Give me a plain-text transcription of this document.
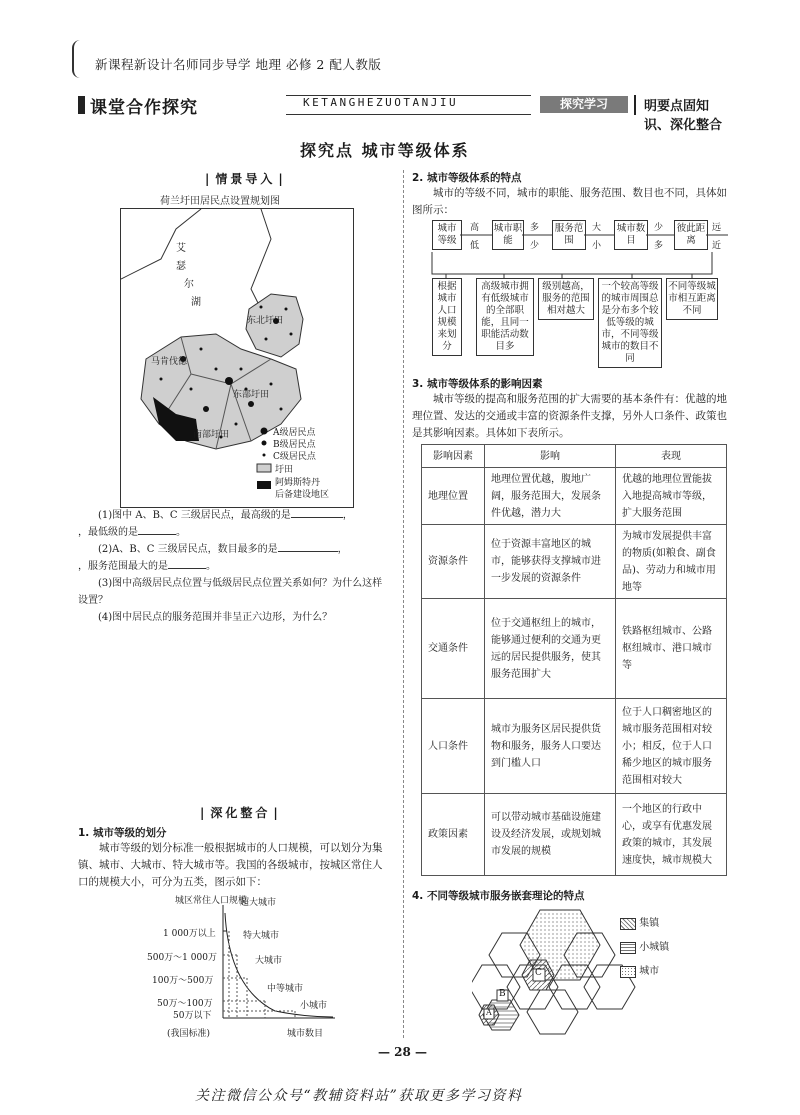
新课程新设计名师同步导学 地理 必修 2 配人教版
课堂合作探究	KETANGHEZUOTANJIU	探究学习	明要点固知识、深化整合
探究点 城市等级体系
| 情景导入 |
荷兰圩田居民点设置规划图
艾
瑟
尔
湖
东北圩田
马肯伐德
东部圩田
南部圩田	A级居民点
B级居民点
C级居民点
圩田
阿姆斯特丹
后备建设地区
(1)图中 A、B、C 三级居民点，最高级的是	，
，最低级的是	。
(2)A、B、C 三级居民点，数目最多的是	，
，服务范围最大的是	。
(3)图中高级居民点位置与低级居民点位置关系如何？为什么这样设置？
(4)图中居民点的服务范围并非呈正六边形，为什么？
| 深化整合 |
1. 城市等级的划分
城市等级的划分标准一般根据城市的人口规模，可以划分为集镇、城市、大城市、特大城市等。我国的各级城市，按城区常住人口的规模大小，可分为五类，图示如下：
城区常住人口规模
1 000万以上
500万～1 000万
100万～500万
50万～100万
50万以下
超大城市
特大城市
大城市
中等城市
小城市
(我国标准)	城市数目
2. 城市等级体系的特点
城市的等级不同，城市的职能、服务范围、数目也不同，具体如图所示：
城市等级
城市职能
服务范围
城市数目
彼此距离
高
低
多
少
大
小
少
多
远
近
根据城市人口规模来划分
高级城市拥有低级城市的全部职能，且同一职能活动数目多
级别越高，服务的范围相对越大
一个较高等级的城市周围总是分布多个较低等级的城市，不同等级城市的数目不同
不同等级城市相互距离不同
3. 城市等级体系的影响因素
城市等级的提高和服务范围的扩大需要的基本条件有：优越的地理位置、发达的交通或丰富的资源条件支撑，另外人口条件、政策也是其影响因素。具体如下表所示。
影响因素	影响	表现
地理位置	地理位置优越，腹地广阔，服务范围大，发展条件优越，潜力大	优越的地理位置能拔入地提高城市等级，扩大服务范围
资源条件	位于资源丰富地区的城市，能够获得支撑城市进一步发展的资源条件	为城市发展提供丰富的物质(如粮食、副食品)、劳动力和城市用地等
交通条件	位于交通枢纽上的城市，能够通过便利的交通为更远的居民提供服务，使其服务范围扩大	铁路枢纽城市、公路枢纽城市、港口城市等
人口条件	城市为服务区居民提供货物和服务，服务人口要达到门槛人口	位于人口稠密地区的城市服务范围相对较小；相反，位于人口稀少地区的城市服务范围相对较大
政策因素	可以带动城市基础设施建设及经济发展，或规划城市发展的规模	一个地区的行政中心，或享有优惠发展政策的城市，其发展速度快，城市规模大
4. 不同等级城市服务嵌套理论的特点
C
B
A
集镇
小城镇
城市
— 28 —
关注微信公众号“教辅资料站”获取更多学习资料
